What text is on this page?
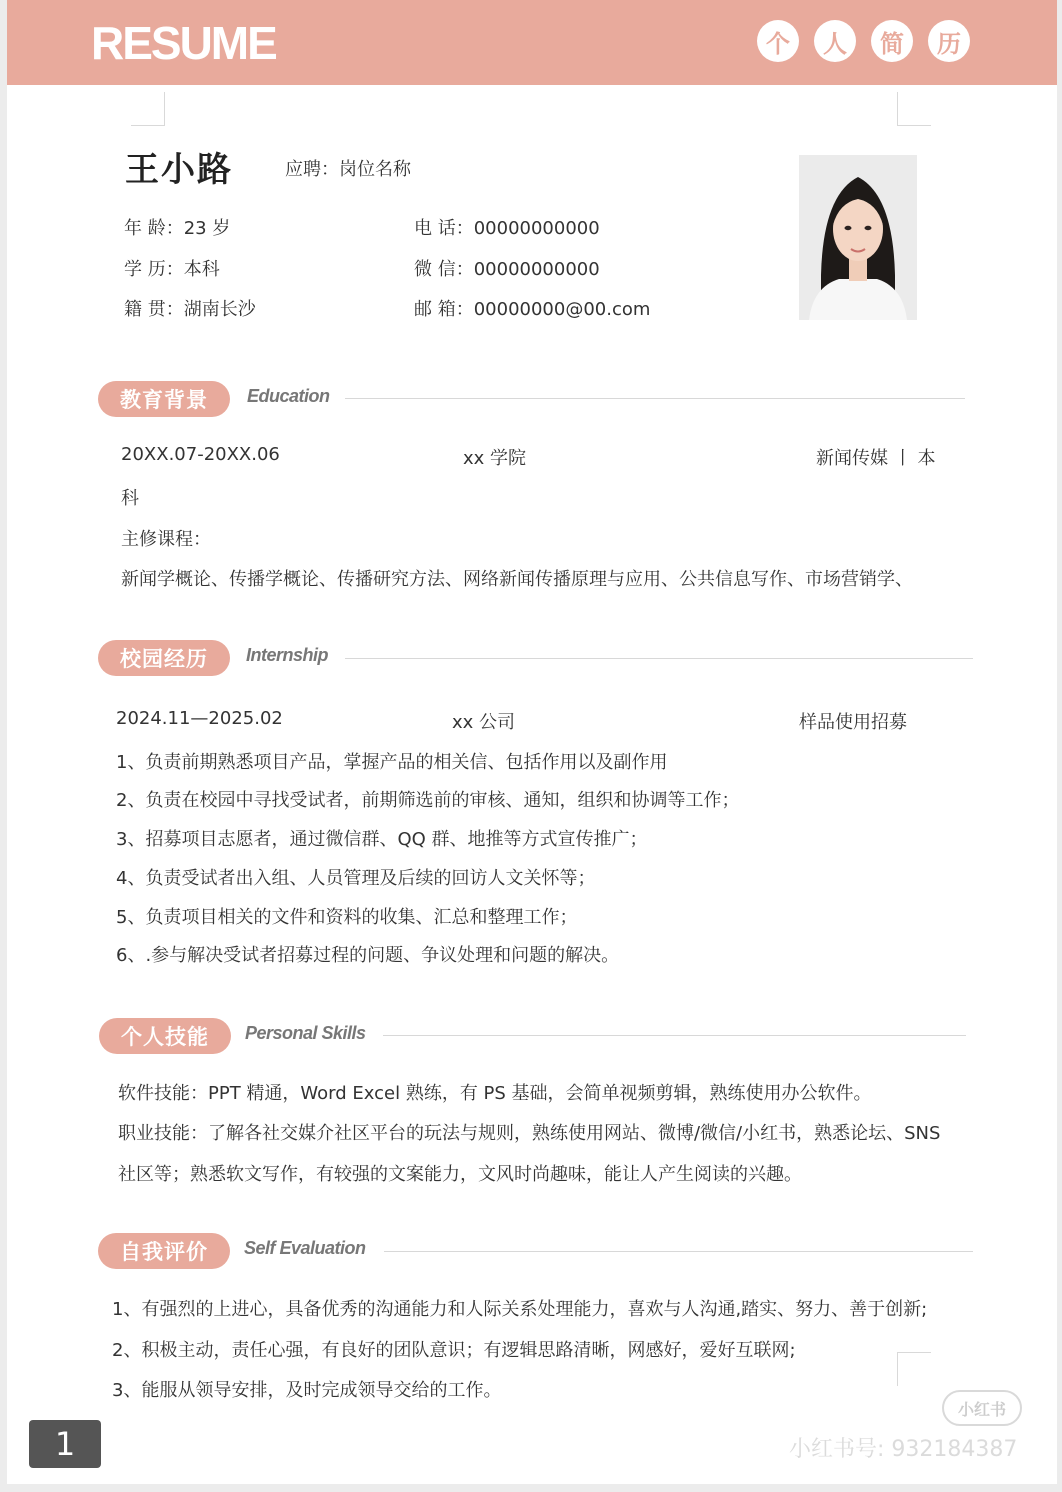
RESUME	个	人	简	历
王小路	应聘：岗位名称
年 龄：23 岁	电 话：00000000000
学 历：本科	微 信：00000000000
籍 贯：湖南长沙	邮 箱：00000000@00.com
教育背景	Education
20XX.07-20XX.06	xx 学院	新闻传媒 丨 本
科
主修课程：
新闻学概论、传播学概论、传播研究方法、网络新闻传播原理与应用、公共信息写作、市场营销学、
校园经历	Internship
2024.11—2025.02	xx 公司	样品使用招募
1、负责前期熟悉项目产品，掌握产品的相关信、包括作用以及副作用
2、负责在校园中寻找受试者，前期筛选前的审核、通知，组织和协调等工作；
3、招募项目志愿者，通过微信群、QQ 群、地推等方式宣传推广；
4、负责受试者出入组、人员管理及后续的回访人文关怀等；
5、负责项目相关的文件和资料的收集、汇总和整理工作；
6、.参与解决受试者招募过程的问题、争议处理和问题的解决。
个人技能	Personal Skills
软件技能：PPT 精通，Word Excel 熟练，有 PS 基础，会简单视频剪辑，熟练使用办公软件。
职业技能：了解各社交媒介社区平台的玩法与规则，熟练使用网站、微博/微信/小红书，熟悉论坛、SNS
社区等；熟悉软文写作，有较强的文案能力，文风时尚趣味，能让人产生阅读的兴趣。
自我评价	Self Evaluation
1、有强烈的上进心，具备优秀的沟通能力和人际关系处理能力，喜欢与人沟通,踏实、努力、善于创新;
2、积极主动，责任心强，有良好的团队意识；有逻辑思路清晰，网感好，爱好互联网;
3、能服从领导安排，及时完成领导交给的工作。
1
小红书
小红书号: 932184387
